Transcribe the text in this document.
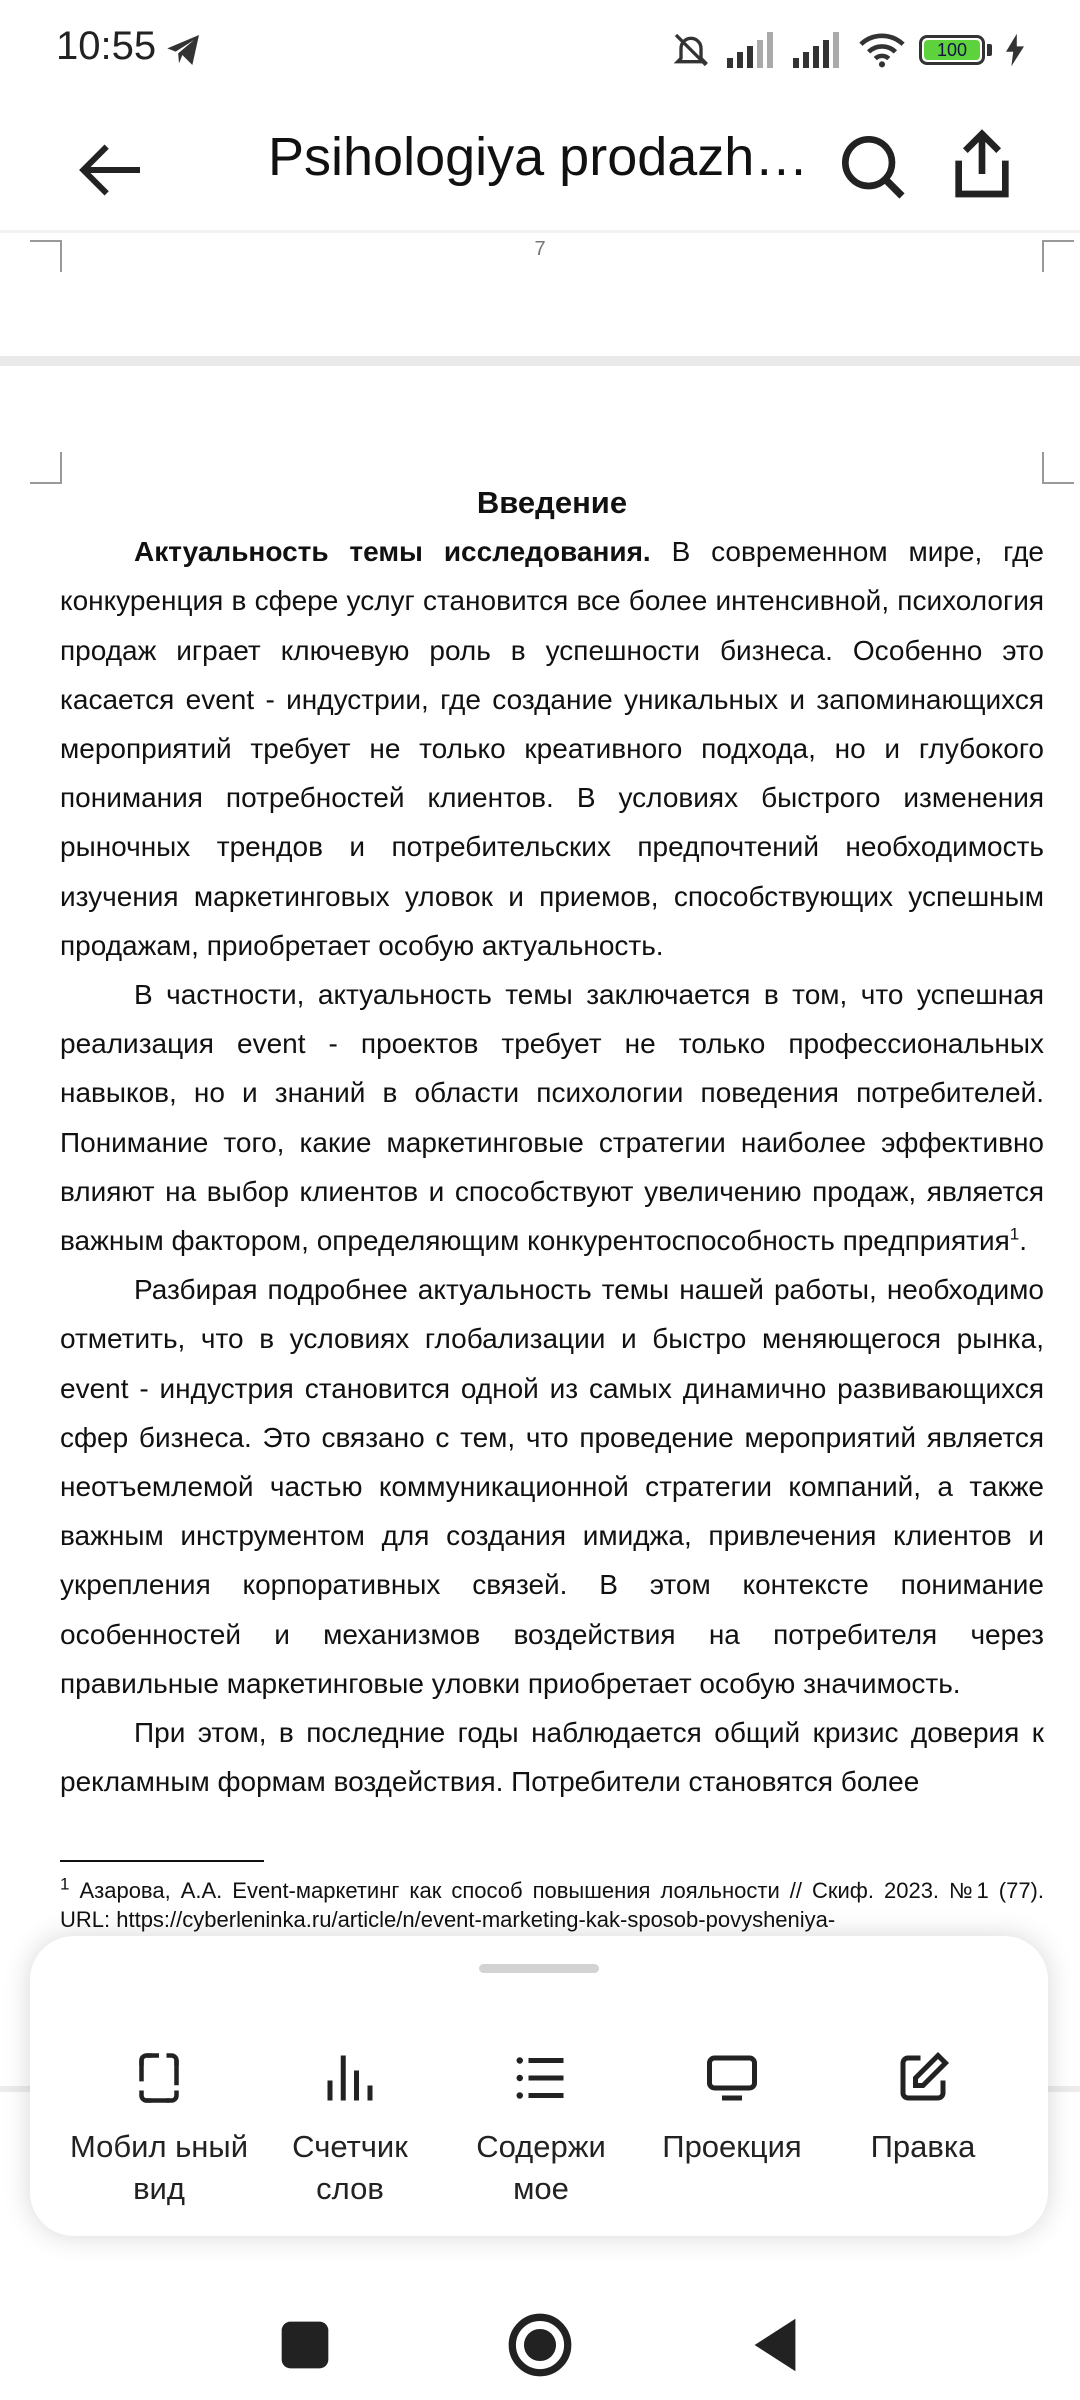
10:55	100
Psihologiya prodazh…
7

Введение

Актуальность темы исследования. В современном мире, где конкуренция в сфере услуг становится все более интенсивной, психология продаж играет ключевую роль в успешности бизнеса. Особенно это касается event - индустрии, где создание уникальных и запоминающихся мероприятий требует не только креативного подхода, но и глубокого понимания потребностей клиентов. В условиях быстрого изменения рыночных трендов и потребительских предпочтений необходимость изучения маркетинговых уловок и приемов, способствующих успешным продажам, приобретает особую актуальность.

В частности, актуальность темы заключается в том, что успешная реализация event - проектов требует не только профессиональных навыков, но и знаний в области психологии поведения потребителей. Понимание того, какие маркетинговые стратегии наиболее эффективно влияют на выбор клиентов и способствуют увеличению продаж, является важным фактором, определяющим конкурентоспособность предприятия$^1$.

Разбирая подробнее актуальность темы нашей работы, необходимо отметить, что в условиях глобализации и быстро меняющегося рынка, event - индустрия становится одной из самых динамично развивающихся сфер бизнеса. Это связано с тем, что проведение мероприятий является неотъемлемой частью коммуникационной стратегии компаний, а также важным инструментом для создания имиджа, привлечения клиентов и укрепления корпоративных связей. В этом контексте понимание особенностей и механизмов воздействия на потребителя через правильные маркетинговые уловки приобретает особую значимость.

При этом, в последние годы наблюдается общий кризис доверия к рекламным формам воздействия. Потребители становятся более

$^1$ Азарова, А.А. Event-маркетинг как способ повышения лояльности // Скиф. 2023. №1 (77). URL: https://cyberleninka.ru/article/n/event-marketing-kak-sposob-povysheniya-
Мобил ьный вид
Счетчик слов
Содержи мое
Проекция	Правка
